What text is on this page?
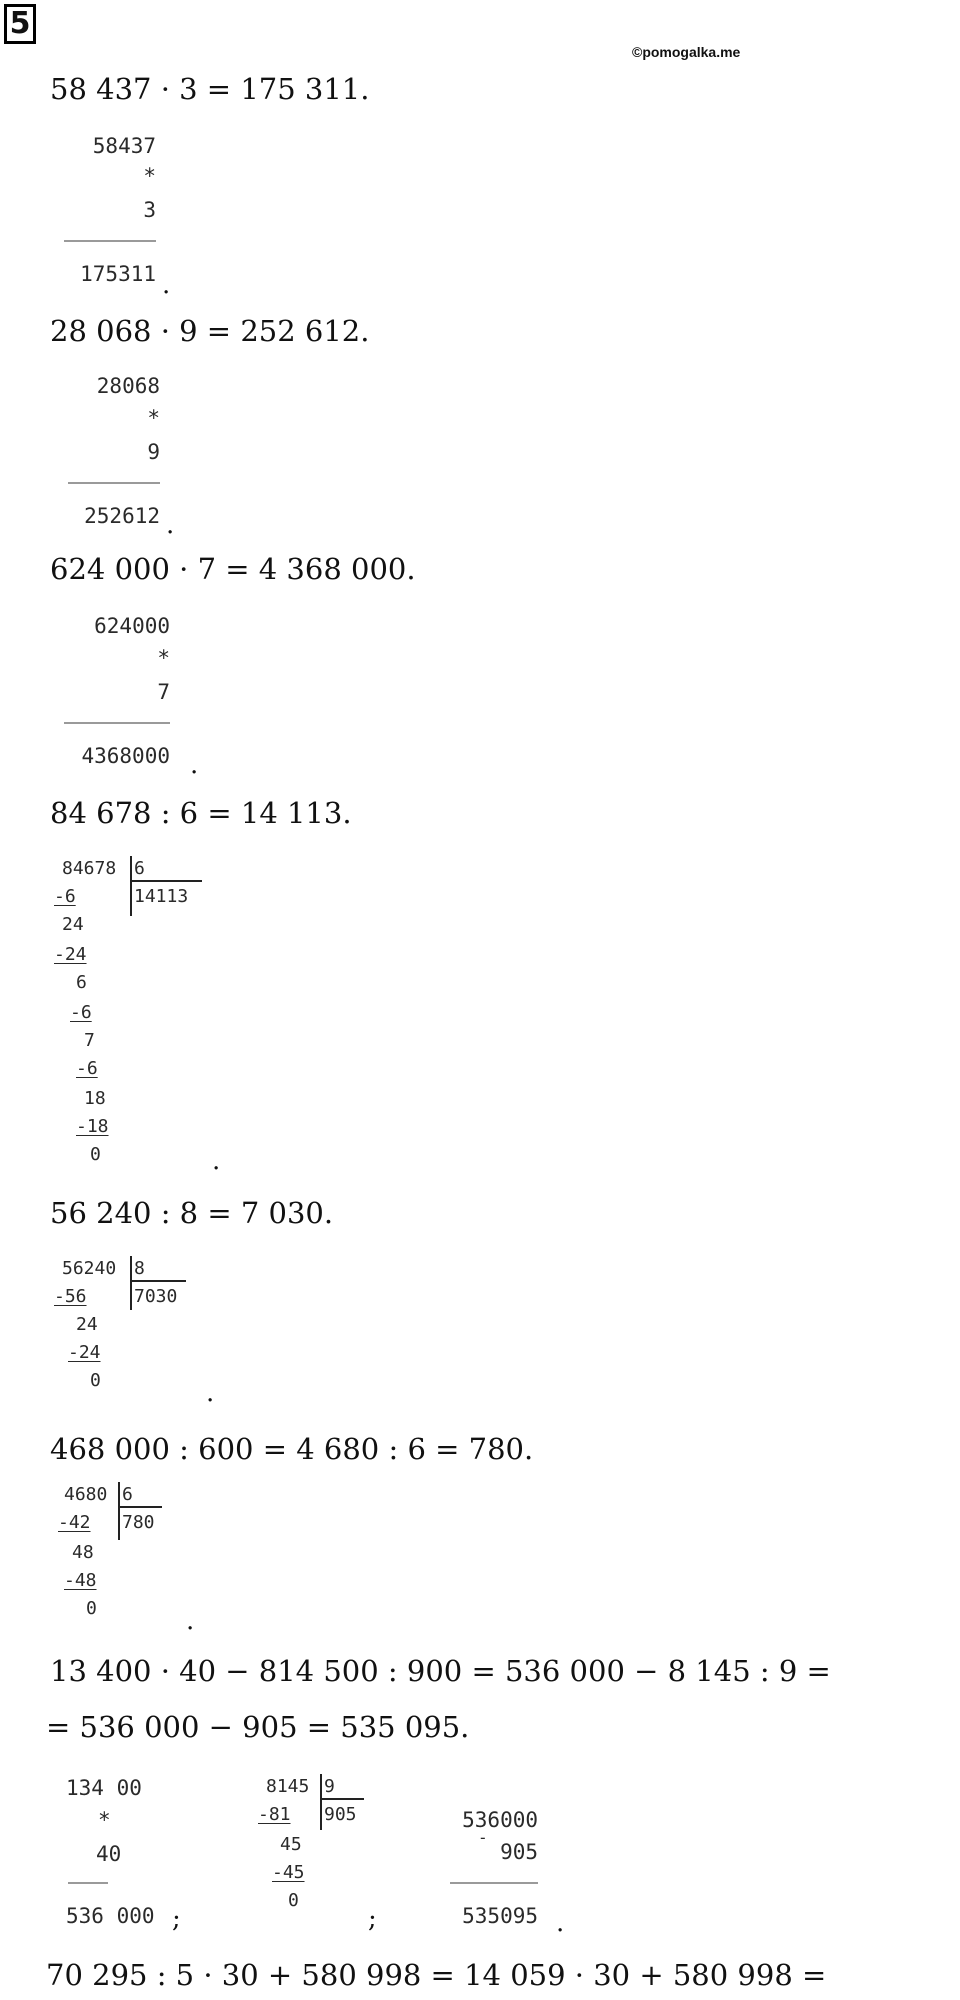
5
©pomogalka.me
58 437 · 3 = 175 311.
58437
*
3
175311 .
28 068 · 9 = 252 612.
28068
*
9
252612 .
624 000 · 7 = 4 368 000.
624000
*
7
4368000 .
84 678 : 6 = 14 113.
84678 6
14113
-6
24
-24
6
-6
7
-6
18
-18
0	.
56 240 : 8 = 7 030.
56240 8
7030
-56
24
-24
0	.
468 000 : 600 = 4 680 : 6 = 780.
4680 6
780
-42
48
-48
0	.
13 400 · 40 − 814 500 : 900 = 536 000 − 8 145 : 9 =
= 536 000 − 905 = 535 095.
134 00
*
40
536 000 ;
8145 9
905
-81
45
-45
0
;
536000
-
905
535095 .
70 295 : 5 · 30 + 580 998 = 14 059 · 30 + 580 998 =
